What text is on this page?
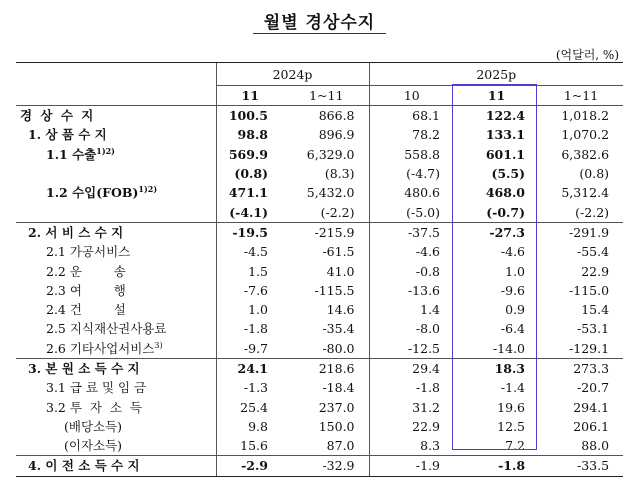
월별 경상수지
(억달러, %)
	2024p		2025p		
	11	1~11	10	11	1~11
경 상 수 지	100.5	866.8	68.1	122.4	1,018.2
1. 상 품 수 지	98.8	896.9	78.2	133.1	1,070.2
1.1 수출$^{1)2)}$	569.9	6,329.0	558.8	601.1	6,382.6
	(0.8)	(8.3)	(-4.7)	(5.5)	(0.8)
1.2 수입(FOB)$^{1)2)}$	471.1	5,432.0	480.6	468.0	5,312.4
	(-4.1)	(-2.2)	(-5.0)	(-0.7)	(-2.2)
2. 서 비 스 수 지	-19.5	-215.9	-37.5	-27.3	-291.9
2.1 가공서비스	-4.5	-61.5	-4.6	-4.6	-55.4
2.2 운        송	1.5	41.0	-0.8	1.0	22.9
2.3 여        행	-7.6	-115.5	-13.6	-9.6	-115.0
2.4 건        설	1.0	14.6	1.4	0.9	15.4
2.5 지식재산권사용료	-1.8	-35.4	-8.0	-6.4	-53.1
2.6 기타사업서비스$^{3)}$	-9.7	-80.0	-12.5	-14.0	-129.1
3. 본 원 소 득 수 지	24.1	218.6	29.4	18.3	273.3
3.1 급 료 및 임 금	-1.3	-18.4	-1.8	-1.4	-20.7
3.2 투  자  소  득	25.4	237.0	31.2	19.6	294.1
(배당소득)	9.8	150.0	22.9	12.5	206.1
(이자소득)	15.6	87.0	8.3	7.2	88.0
4. 이 전 소 득 수 지	-2.9	-32.9	-1.9	-1.8	-33.5
